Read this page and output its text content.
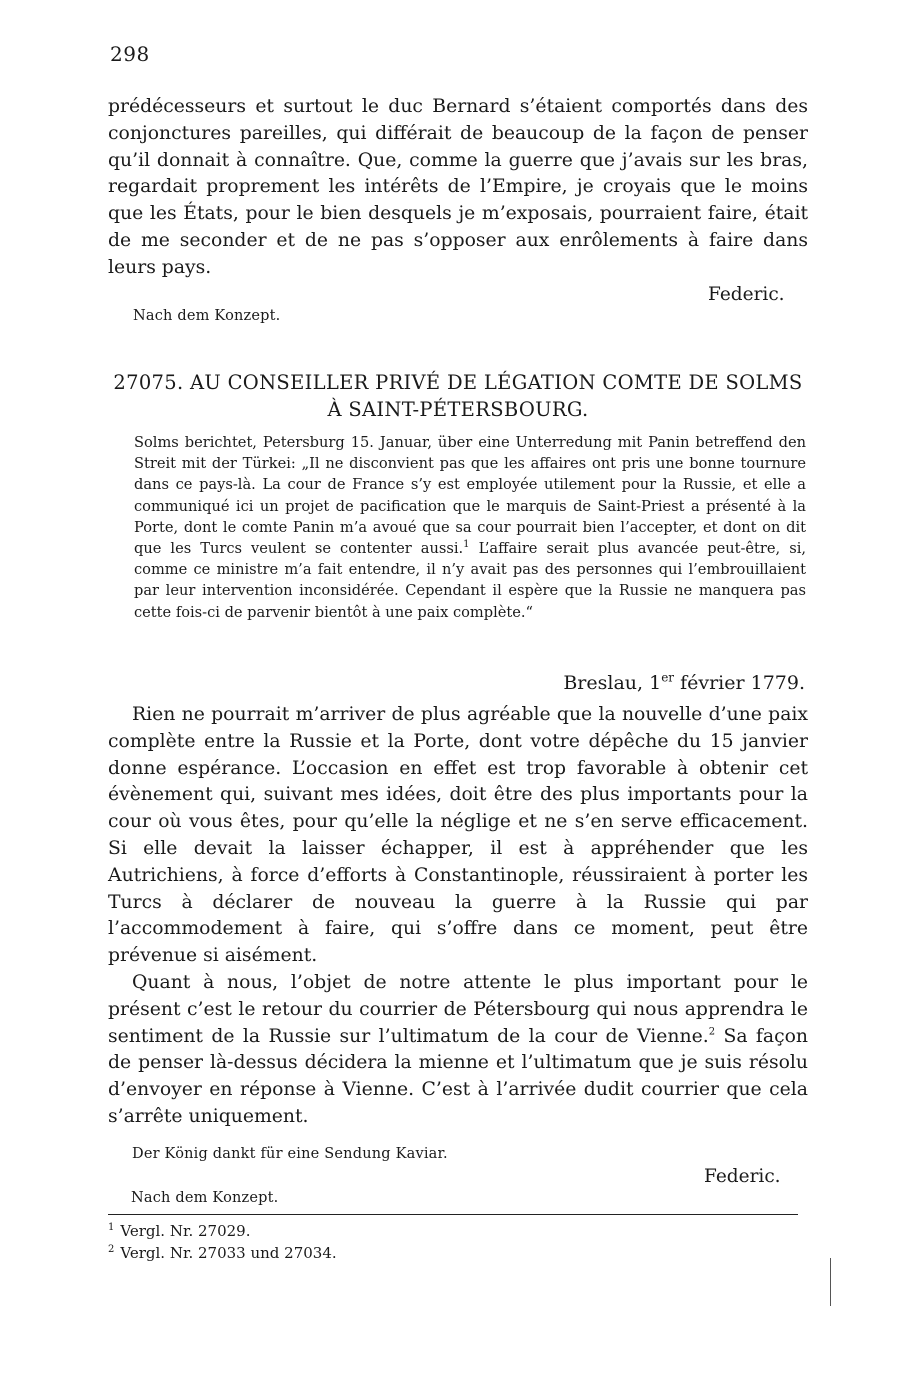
298

prédécesseurs et surtout le duc Bernard s’étaient comportés dans des conjonctures pareilles, qui différait de beaucoup de la façon de penser qu’il donnait à connaître. Que, comme la guerre que j’avais sur les bras, regardait proprement les intérêts de l’Empire, je croyais que le moins que les États, pour le bien desquels je m’exposais, pourraient faire, était de me seconder et de ne pas s’opposer aux enrôlements à faire dans leurs pays.

Federic.
Nach dem Konzept.
27075. AU CONSEILLER PRIVÉ DE LÉGATION COMTE DE SOLMS À SAINT-PÉTERSBOURG.

Solms berichtet, Petersburg 15. Januar, über eine Unterredung mit Panin betreffend den Streit mit der Türkei: „Il ne disconvient pas que les affaires ont pris une bonne tournure dans ce pays-là. La cour de France s’y est employée utilement pour la Russie, et elle a communiqué ici un projet de pacification que le marquis de Saint-Priest a présenté à la Porte, dont le comte Panin m’a avoué que sa cour pourrait bien l’accepter, et dont on dit que les Turcs veulent se contenter aussi.$^1$ L’affaire serait plus avancée peut-être, si, comme ce ministre m’a fait entendre, il n’y avait pas des personnes qui l’embrouillaient par leur intervention inconsidérée. Cependant il espère que la Russie ne manquera pas cette fois-ci de parvenir bientôt à une paix complète.“

Breslau, 1er février 1779.

Rien ne pourrait m’arriver de plus agréable que la nouvelle d’une paix complète entre la Russie et la Porte, dont votre dépêche du 15 janvier donne espérance. L’occasion en effet est trop favorable à obtenir cet évènement qui, suivant mes idées, doit être des plus importants pour la cour où vous êtes, pour qu’elle la néglige et ne s’en serve efficacement. Si elle devait la laisser échapper, il est à appréhender que les Autrichiens, à force d’efforts à Constantinople, réussiraient à porter les Turcs à déclarer de nouveau la guerre à la Russie qui par l’accommodement à faire, qui s’offre dans ce moment, peut être prévenue si aisément.

Quant à nous, l’objet de notre attente le plus important pour le présent c’est le retour du courrier de Pétersbourg qui nous apprendra le sentiment de la Russie sur l’ultimatum de la cour de Vienne.$^2$ Sa façon de penser là-dessus décidera la mienne et l’ultimatum que je suis résolu d’envoyer en réponse à Vienne. C’est à l’arrivée dudit courrier que cela s’arrête uniquement.

Der König dankt für eine Sendung Kaviar.
Federic.
Nach dem Konzept.
$^1$ Vergl. Nr. 27029.
$^2$ Vergl. Nr. 27033 und 27034.
